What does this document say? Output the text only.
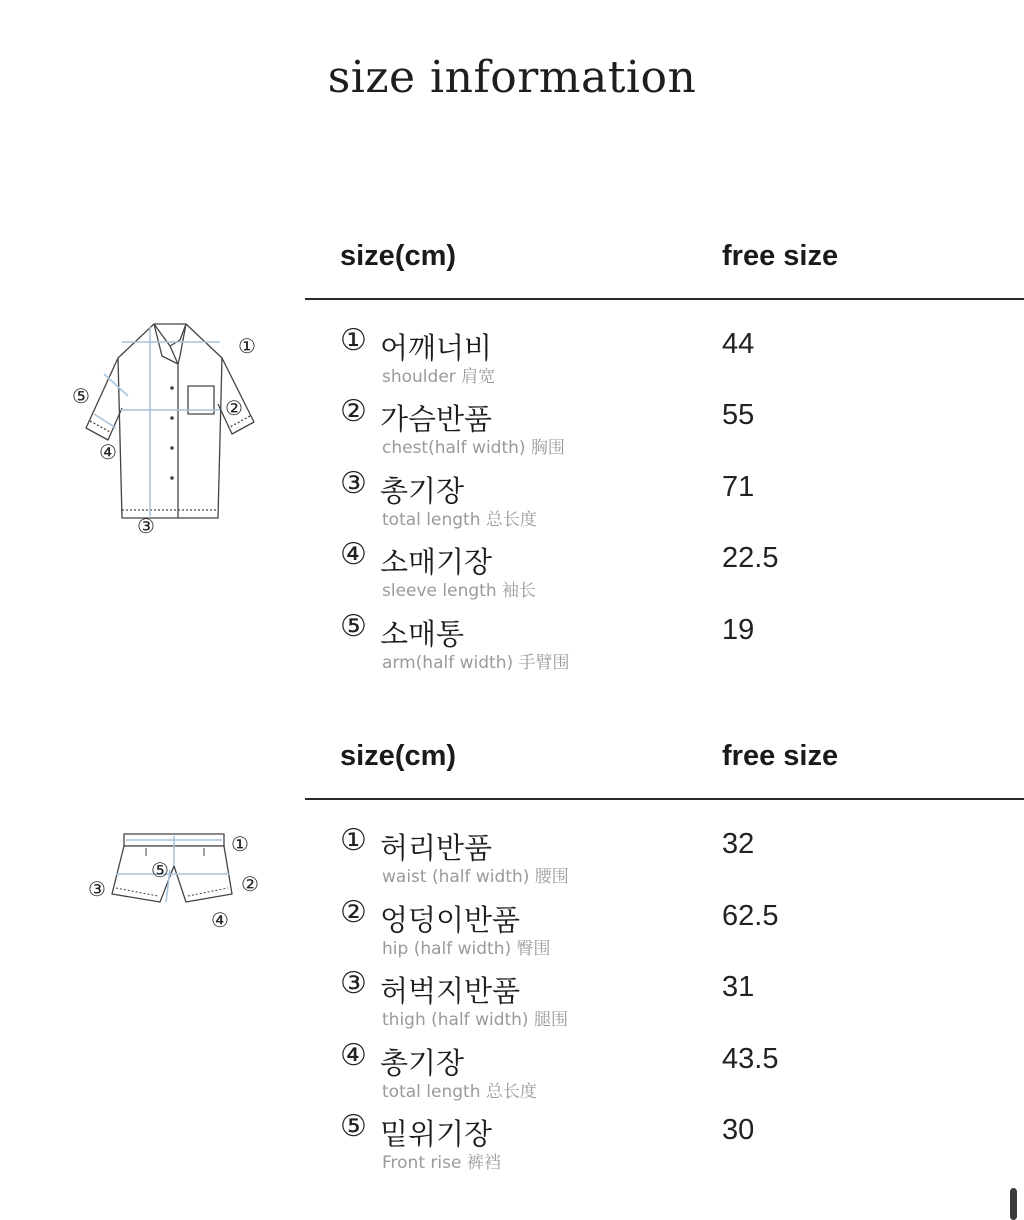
size information
size(cm)	free size
①
②
③
④
⑤
① 어깨너비
shoulder 肩宽
44
② 가슴반품
chest(half width) 胸围
55
③ 총기장
total length 总长度
71
④ 소매기장
sleeve length 袖长
22.5
⑤ 소매통
arm(half width) 手臂围
19
size(cm)	free size
①
②
③
④
⑤
① 허리반품
waist (half width) 腰围
32
② 엉덩이반품
hip (half width) 臀围
62.5
③ 허벅지반품
thigh (half width) 腿围
31
④ 총기장
total length 总长度
43.5
⑤ 밑위기장
Front rise 裤裆
30
